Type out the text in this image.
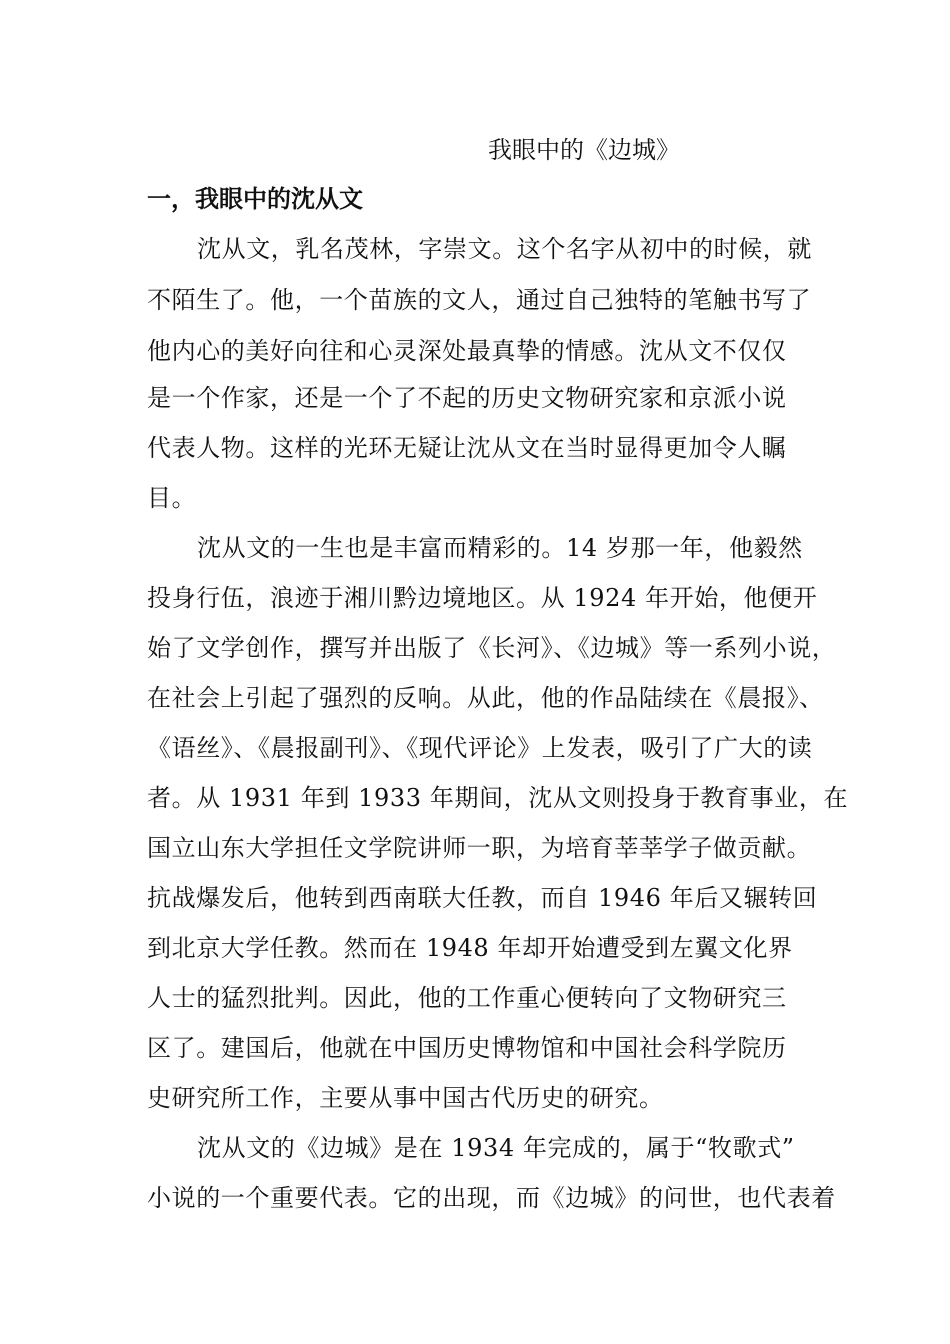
我眼中的《边城》
一，我眼中的沈从文
沈从文，乳名茂林，字崇文。这个名字从初中的时候，就
不陌生了。他，一个苗族的文人，通过自己独特的笔触书写了
他内心的美好向往和心灵深处最真挚的情感。沈从文不仅仅
是一个作家，还是一个了不起的历史文物研究家和京派小说
代表人物。这样的光环无疑让沈从文在当时显得更加令人瞩
目。
沈从文的一生也是丰富而精彩的。14 岁那一年，他毅然
投身行伍，浪迹于湘川黔边境地区。从 1924 年开始，他便开
始了文学创作，撰写并出版了《长河》、《边城》等一系列小说，
在社会上引起了强烈的反响。从此，他的作品陆续在《晨报》、
《语丝》、《晨报副刊》、《现代评论》上发表，吸引了广大的读
者。从 1931 年到 1933 年期间，沈从文则投身于教育事业，在
国立山东大学担任文学院讲师一职，为培育莘莘学子做贡献。
抗战爆发后，他转到西南联大任教，而自 1946 年后又辗转回
到北京大学任教。然而在 1948 年却开始遭受到左翼文化界
人士的猛烈批判。因此，他的工作重心便转向了文物研究三
区了。建国后，他就在中国历史博物馆和中国社会科学院历
史研究所工作，主要从事中国古代历史的研究。
沈从文的《边城》是在 1934 年完成的，属于“牧歌式”
小说的一个重要代表。它的出现，而《边城》的问世，也代表着
